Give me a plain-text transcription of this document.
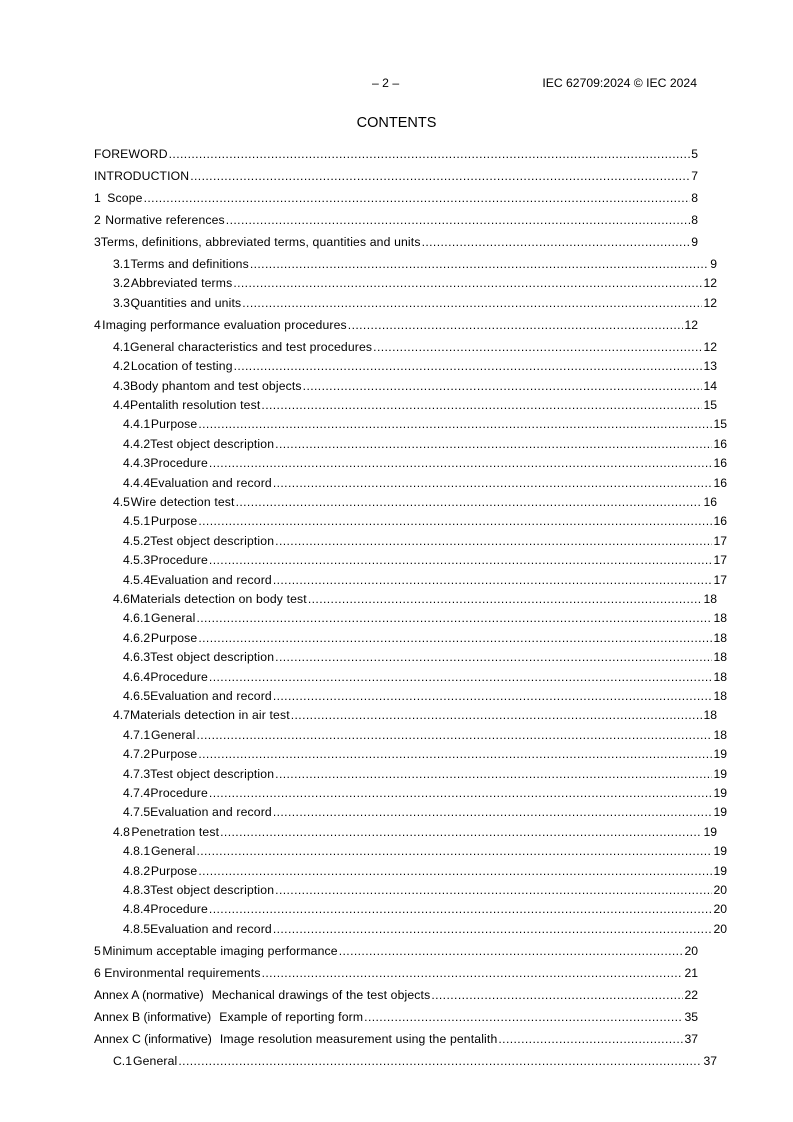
– 2 –	IEC 62709:2024 © IEC 2024
CONTENTS
FOREWORD .....	5
INTRODUCTION .....	7
1 Scope .....	8
2 Normative references .....	8
3 Terms, definitions, abbreviated terms, quantities and units .....	9
3.1 Terms and definitions .....	9
3.2 Abbreviated terms .....	12
3.3 Quantities and units .....	12
4 Imaging performance evaluation procedures .....	12
4.1 General characteristics and test procedures .....	12
4.2 Location of testing .....	13
4.3 Body phantom and test objects .....	14
4.4 Pentalith resolution test .....	15
4.4.1 Purpose .....	15
4.4.2 Test object description .....	16
4.4.3 Procedure .....	16
4.4.4 Evaluation and record .....	16
4.5 Wire detection test .....	16
4.5.1 Purpose .....	16
4.5.2 Test object description .....	17
4.5.3 Procedure .....	17
4.5.4 Evaluation and record .....	17
4.6 Materials detection on body test .....	18
4.6.1 General .....	18
4.6.2 Purpose .....	18
4.6.3 Test object description .....	18
4.6.4 Procedure .....	18
4.6.5 Evaluation and record .....	18
4.7 Materials detection in air test .....	18
4.7.1 General .....	18
4.7.2 Purpose .....	19
4.7.3 Test object description .....	19
4.7.4 Procedure .....	19
4.7.5 Evaluation and record .....	19
4.8 Penetration test .....	19
4.8.1 General .....	19
4.8.2 Purpose .....	19
4.8.3 Test object description .....	20
4.8.4 Procedure .....	20
4.8.5 Evaluation and record .....	20
5 Minimum acceptable imaging performance .....	20
6 Environmental requirements .....	21
Annex A (normative) Mechanical drawings of the test objects .....	22
Annex B (informative) Example of reporting form .....	35
Annex C (informative) Image resolution measurement using the pentalith .....	37
C.1 General .....	37
